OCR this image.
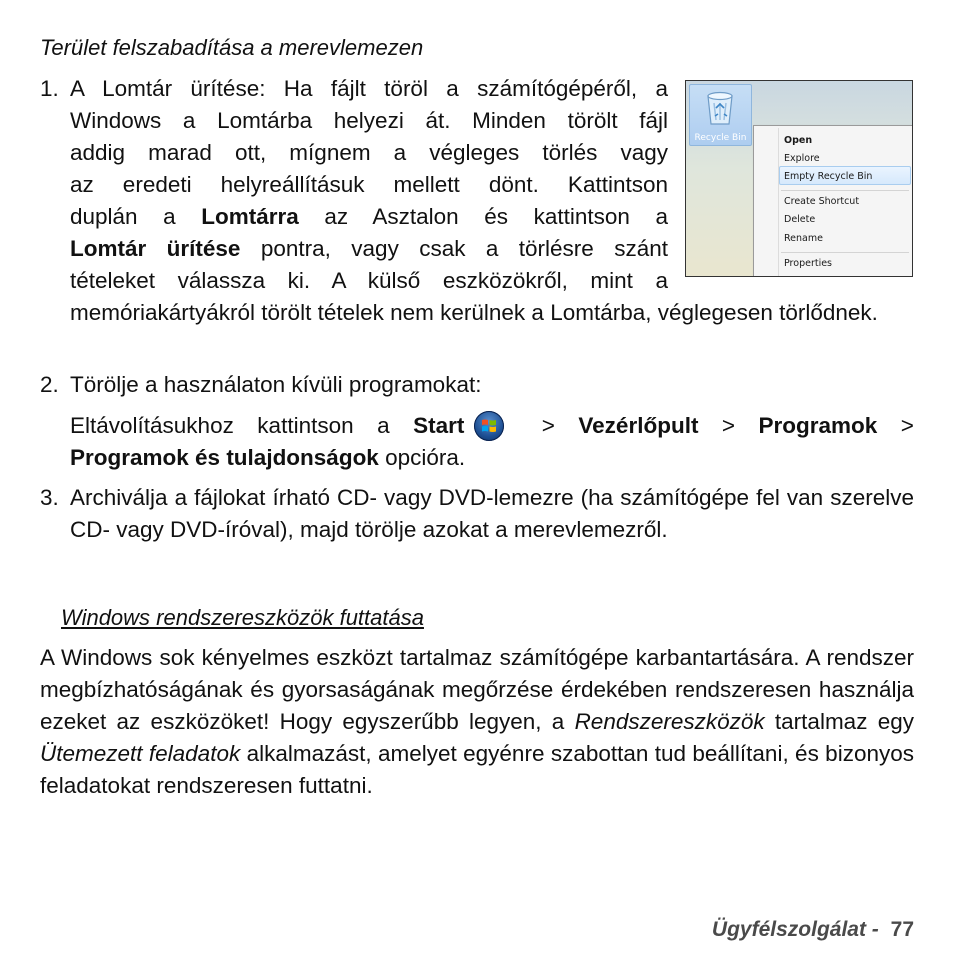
Terület felszabadítása a merevlemezen
1. A Lomtár ürítése: Ha fájlt töröl a számítógépéről, a
Windows a Lomtárba helyezi át. Minden törölt fájl
addig marad ott, mígnem a végleges törlés vagy
az eredeti helyreállításuk mellett dönt. Kattintson
duplán a Lomtárra az Asztalon és kattintson a
Lomtár ürítése pontra, vagy csak a törlésre szánt
tételeket válassza ki. A külső eszközökről, mint a
memóriakártyákról törölt tételek nem kerülnek a Lomtárba, véglegesen törlődnek.
Recycle Bin	Open
Explore
Empty Recycle Bin
Create Shortcut
Delete
Rename
Properties
2. Törölje a használaton kívüli programokat:
Eltávolításukhoz kattintson a Start	> Vezérlőpult > Programok >
Programok és tulajdonságok opcióra.
3. Archiválja a fájlokat írható CD- vagy DVD-lemezre (ha számítógépe fel van szerelve CD- vagy DVD-íróval), majd törölje azokat a merevlemezről.
Windows rendszereszközök futtatása
A Windows sok kényelmes eszközt tartalmaz számítógépe karbantartására. A rendszer megbízhatóságának és gyorsaságának megőrzése érdekében rendszeresen használja ezeket az eszközöket! Hogy egyszerűbb legyen, a Rendszereszközök tartalmaz egy Ütemezett feladatok alkalmazást, amelyet egyénre szabottan tud beállítani, és bizonyos feladatokat rendszeresen futtatni.
Ügyfélszolgálat - 77
